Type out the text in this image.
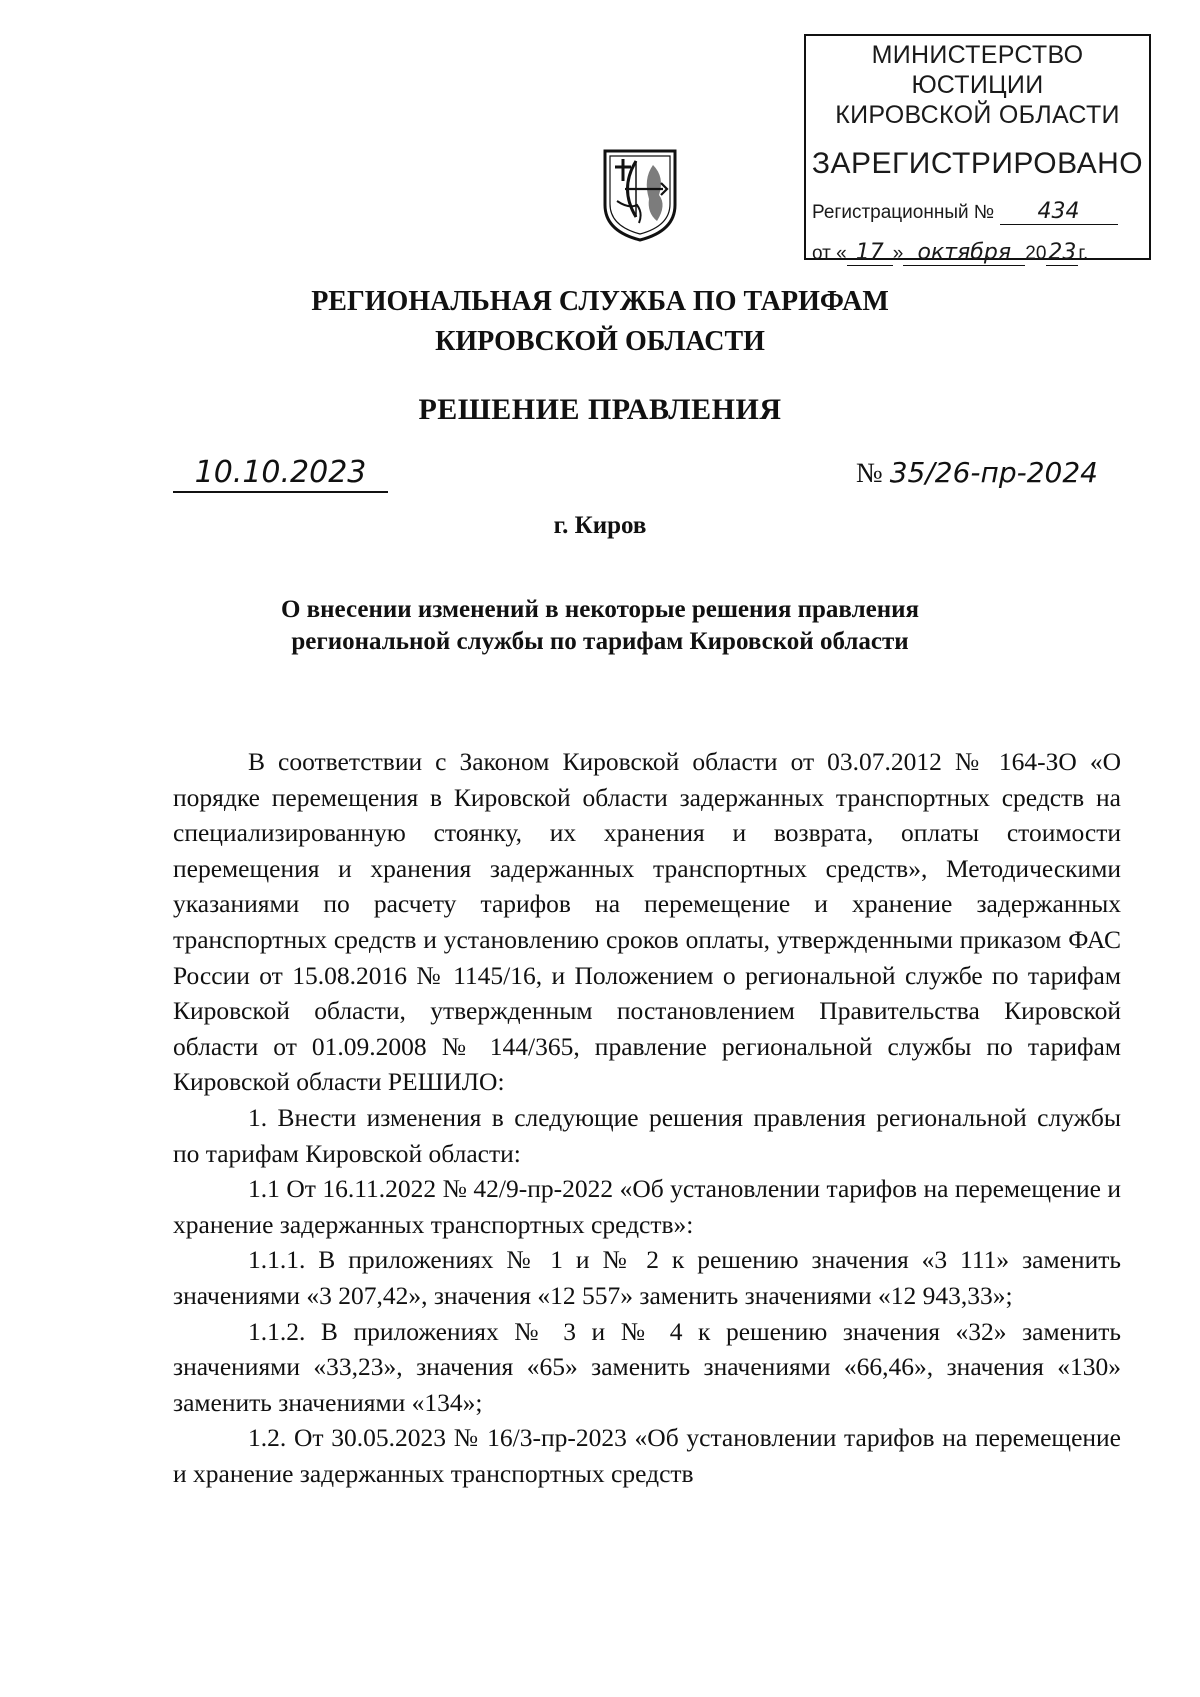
МИНИСТЕРСТВО ЮСТИЦИИ
КИРОВСКОЙ ОБЛАСТИ
ЗАРЕГИСТРИРОВАНО
Регистрационный № 434
от « 17 » октября 2023 г.
РЕГИОНАЛЬНАЯ СЛУЖБА ПО ТАРИФАМ
КИРОВСКОЙ ОБЛАСТИ
РЕШЕНИЕ ПРАВЛЕНИЯ
10.10.2023	№ 35/26-пр-2024
г. Киров
О внесении изменений в некоторые решения правления
региональной службы по тарифам Кировской области

В соответствии с Законом Кировской области от 03.07.2012 № 164-ЗО «О порядке перемещения в Кировской области задержанных транспортных средств на специализированную стоянку, их хранения и возврата, оплаты стоимости перемещения и хранения задержанных транспортных средств», Методическими указаниями по расчету тарифов на перемещение и хранение задержанных транспортных средств и установлению сроков оплаты, утвержденными приказом ФАС России от 15.08.2016 № 1145/16, и Положением о региональной службе по тарифам Кировской области, утвержденным постановлением Правительства Кировской области от 01.09.2008 № 144/365, правление региональной службы по тарифам Кировской области РЕШИЛО:

1. Внести изменения в следующие решения правления региональной службы по тарифам Кировской области:

1.1 От 16.11.2022 № 42/9-пр-2022 «Об установлении тарифов на перемещение и хранение задержанных транспортных средств»:

1.1.1. В приложениях № 1 и № 2 к решению значения «3 111» заменить значениями «3 207,42», значения «12 557» заменить значениями «12 943,33»;

1.1.2. В приложениях № 3 и № 4 к решению значения «32» заменить значениями «33,23», значения «65» заменить значениями «66,46», значения «130» заменить значениями «134»;

1.2. От 30.05.2023 № 16/3-пр-2023 «Об установлении тарифов на перемещение и хранение задержанных транспортных средств
